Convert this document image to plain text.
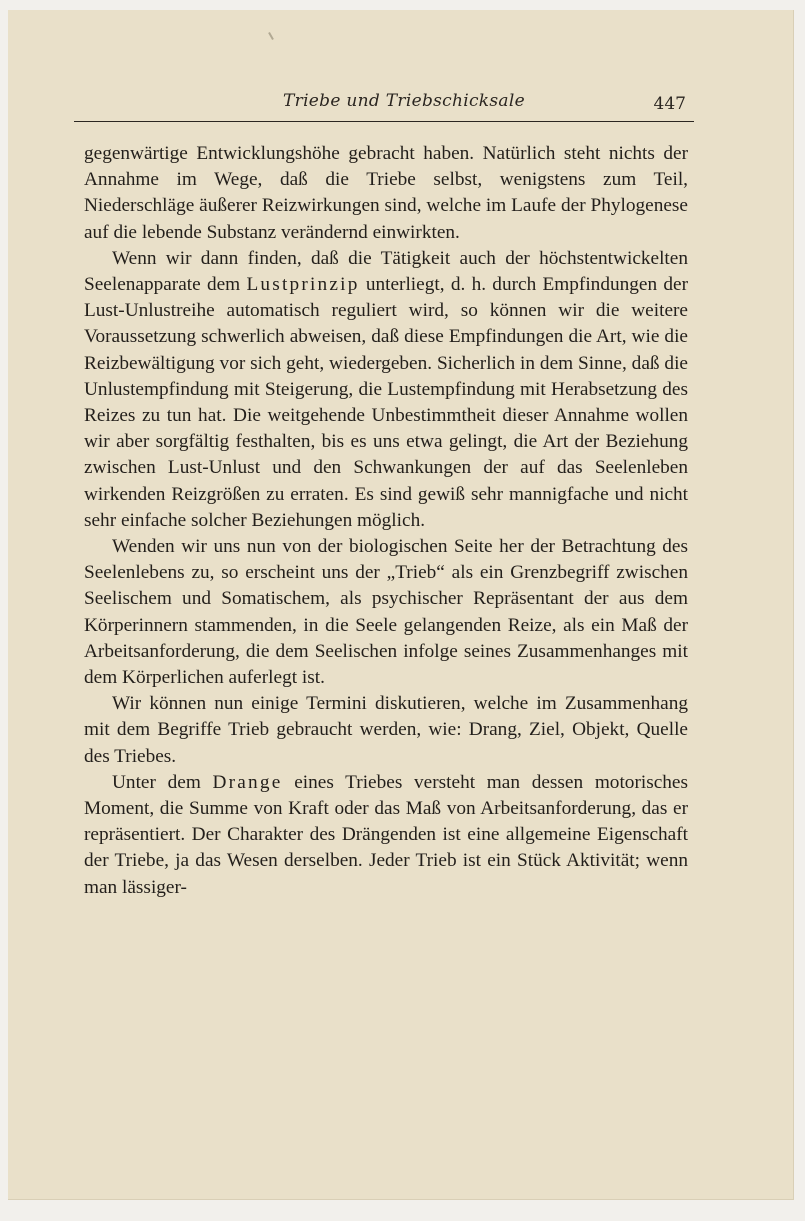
Triebe und Triebschicksale	447

gegenwärtige Entwicklungshöhe gebracht haben. Natürlich steht nichts der Annahme im Wege, daß die Triebe selbst, wenigstens zum Teil, Niederschläge äußerer Reizwirkungen sind, welche im Laufe der Phylogenese auf die lebende Substanz verändernd einwirkten.

Wenn wir dann finden, daß die Tätigkeit auch der höchstentwickelten Seelenapparate dem Lustprinzip unterliegt, d. h. durch Empfindungen der Lust-Unlustreihe automatisch reguliert wird, so können wir die weitere Voraussetzung schwerlich abweisen, daß diese Empfindungen die Art, wie die Reizbewältigung vor sich geht, wiedergeben. Sicherlich in dem Sinne, daß die Unlustempfindung mit Steigerung, die Lustempfindung mit Herabsetzung des Reizes zu tun hat. Die weitgehende Unbestimmtheit dieser Annahme wollen wir aber sorgfältig festhalten, bis es uns etwa gelingt, die Art der Beziehung zwischen Lust-Unlust und den Schwankungen der auf das Seelenleben wirkenden Reizgrößen zu erraten. Es sind gewiß sehr mannigfache und nicht sehr einfache solcher Beziehungen möglich.

Wenden wir uns nun von der biologischen Seite her der Betrachtung des Seelenlebens zu, so erscheint uns der „Trieb“ als ein Grenzbegriff zwischen Seelischem und Somatischem, als psychischer Repräsentant der aus dem Körperinnern stammenden, in die Seele gelangenden Reize, als ein Maß der Arbeitsanforderung, die dem Seelischen infolge seines Zusammenhanges mit dem Körperlichen auferlegt ist.

Wir können nun einige Termini diskutieren, welche im Zusammenhang mit dem Begriffe Trieb gebraucht werden, wie: Drang, Ziel, Objekt, Quelle des Triebes.

Unter dem Drange eines Triebes versteht man dessen motorisches Moment, die Summe von Kraft oder das Maß von Arbeitsanforderung, das er repräsentiert. Der Charakter des Drängenden ist eine allgemeine Eigenschaft der Triebe, ja das Wesen derselben. Jeder Trieb ist ein Stück Aktivität; wenn man lässiger-
